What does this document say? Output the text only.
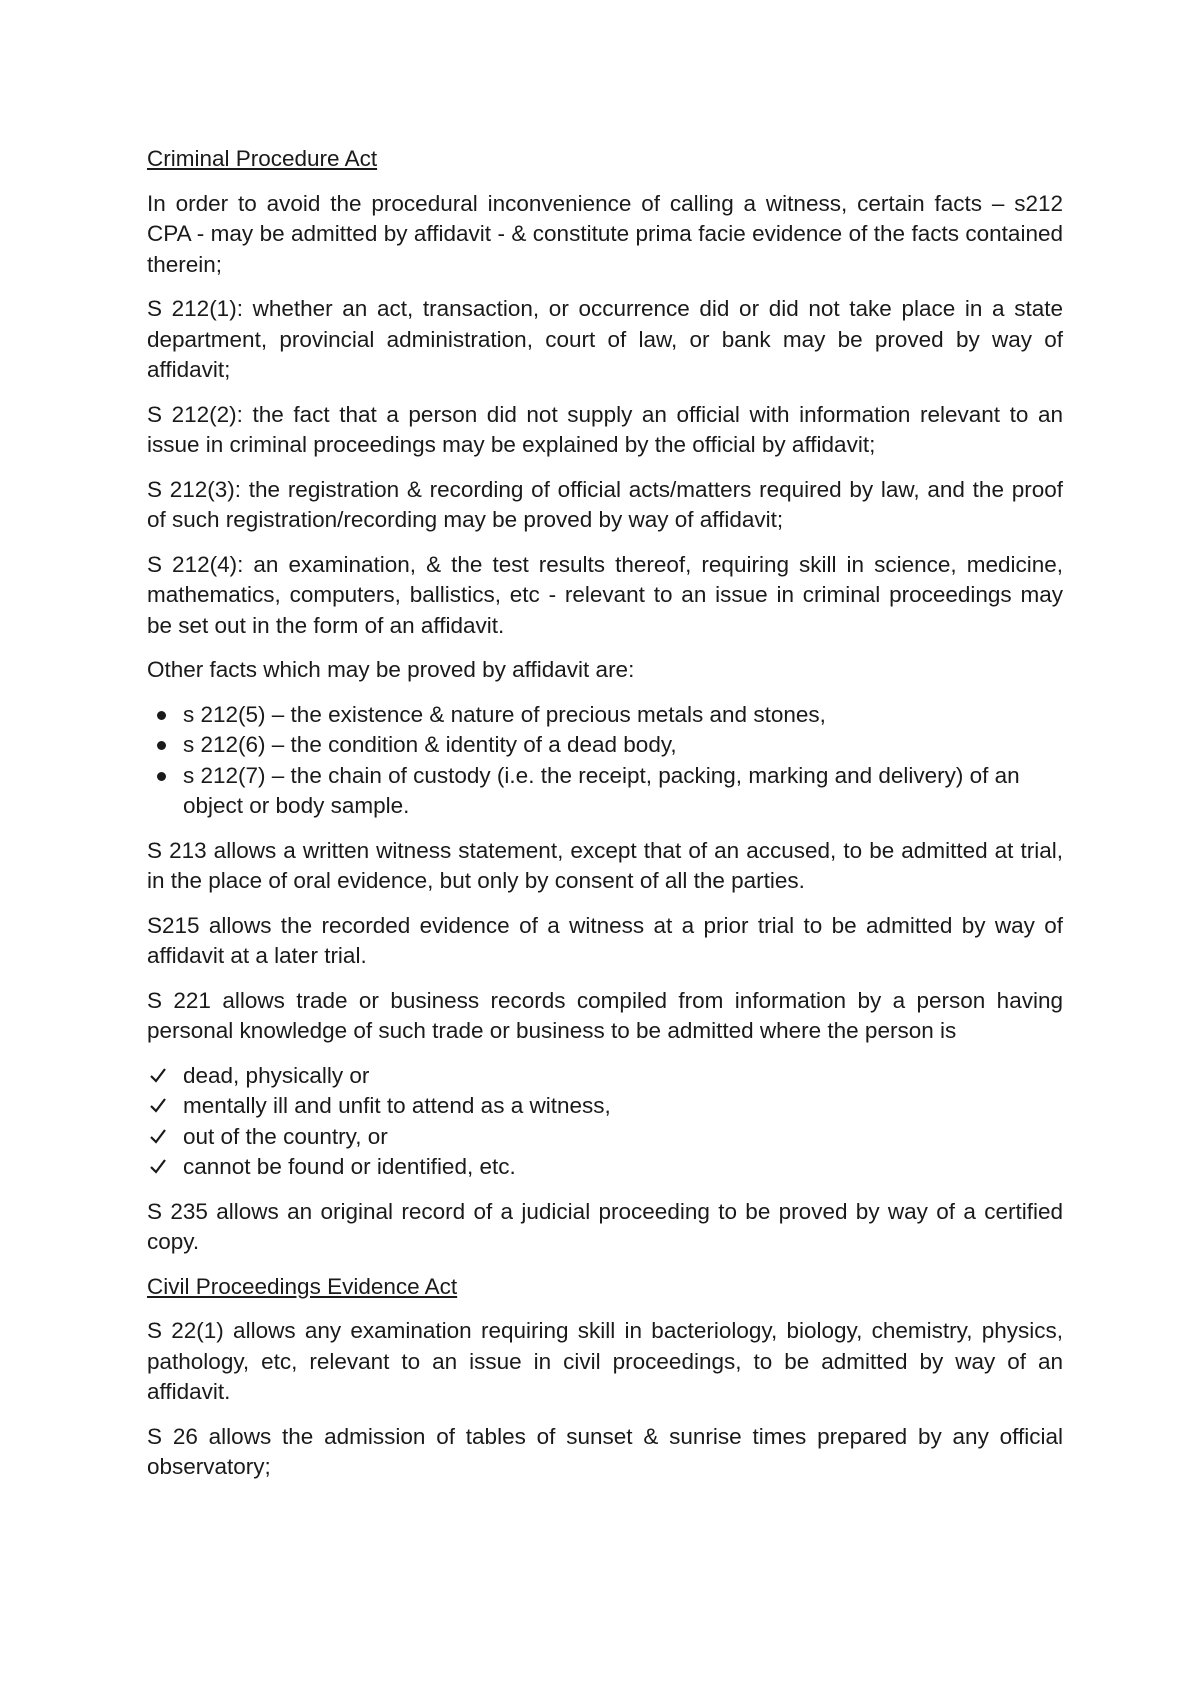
Criminal Procedure Act

In order to avoid the procedural inconvenience of calling a witness, certain facts – s212 CPA - may be admitted by affidavit - & constitute prima facie evidence of the facts contained therein;

S 212(1): whether an act, transaction, or occurrence did or did not take place in a state department, provincial administration, court of law, or bank may be proved by way of affidavit;

S 212(2): the fact that a person did not supply an official with information relevant to an issue in criminal proceedings may be explained by the official by affidavit;

S 212(3): the registration & recording of official acts/matters required by law, and the proof of such registration/recording may be proved by way of affidavit;

S 212(4): an examination, & the test results thereof, requiring skill in science, medicine, mathematics, computers, ballistics, etc - relevant to an issue in criminal proceedings may be set out in the form of an affidavit.

Other facts which may be proved by affidavit are:

s 212(5) – the existence & nature of precious metals and stones,
s 212(6) – the condition & identity of a dead body,
s 212(7) – the chain of custody (i.e. the receipt, packing, marking and delivery) of an object or body sample.

S 213 allows a written witness statement, except that of an accused, to be admitted at trial, in the place of oral evidence, but only by consent of all the parties.

S215 allows the recorded evidence of a witness at a prior trial to be admitted by way of affidavit at a later trial.

S 221 allows trade or business records compiled from information by a person having personal knowledge of such trade or business to be admitted where the person is

dead, physically or
mentally ill and unfit to attend as a witness,
out of the country, or
cannot be found or identified, etc.

S 235 allows an original record of a judicial proceeding to be proved by way of a certified copy.

Civil Proceedings Evidence Act

S 22(1) allows any examination requiring skill in bacteriology, biology, chemistry, physics, pathology, etc, relevant to an issue in civil proceedings, to be admitted by way of an affidavit.

S 26 allows the admission of tables of sunset & sunrise times prepared by any official observatory;
